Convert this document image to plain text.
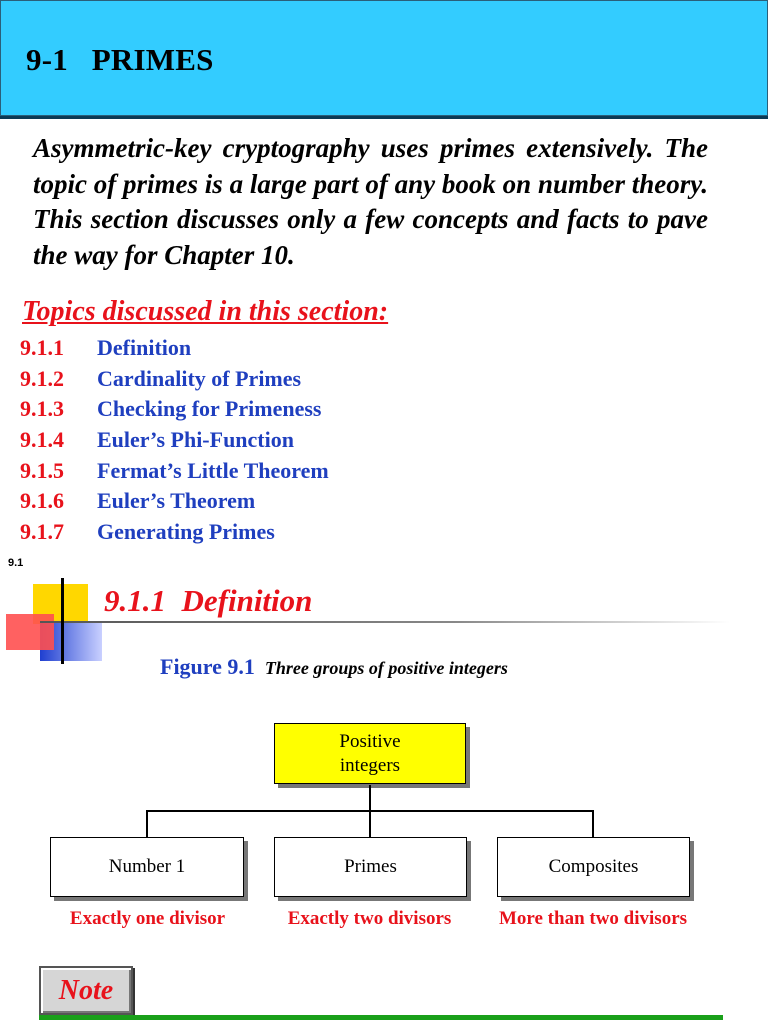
9-1   PRIMES
Asymmetric-key cryptography uses primes extensively. The topic of primes is a large part of any book on number theory. This section discusses only a few concepts and facts to pave the way for Chapter 10.
Topics discussed in this section:
9.1.1 Definition
9.1.2 Cardinality of Primes
9.1.3 Checking for Primeness
9.1.4 Euler’s Phi-Function
9.1.5 Fermat’s Little Theorem
9.1.6 Euler’s Theorem
9.1.7 Generating Primes
9.1
9.1.1  Definition
Figure 9.1 Three groups of positive integers
Positive
integers
Number 1	Primes	Composites
Exactly one divisor	Exactly two divisors	More than two divisors
Note
